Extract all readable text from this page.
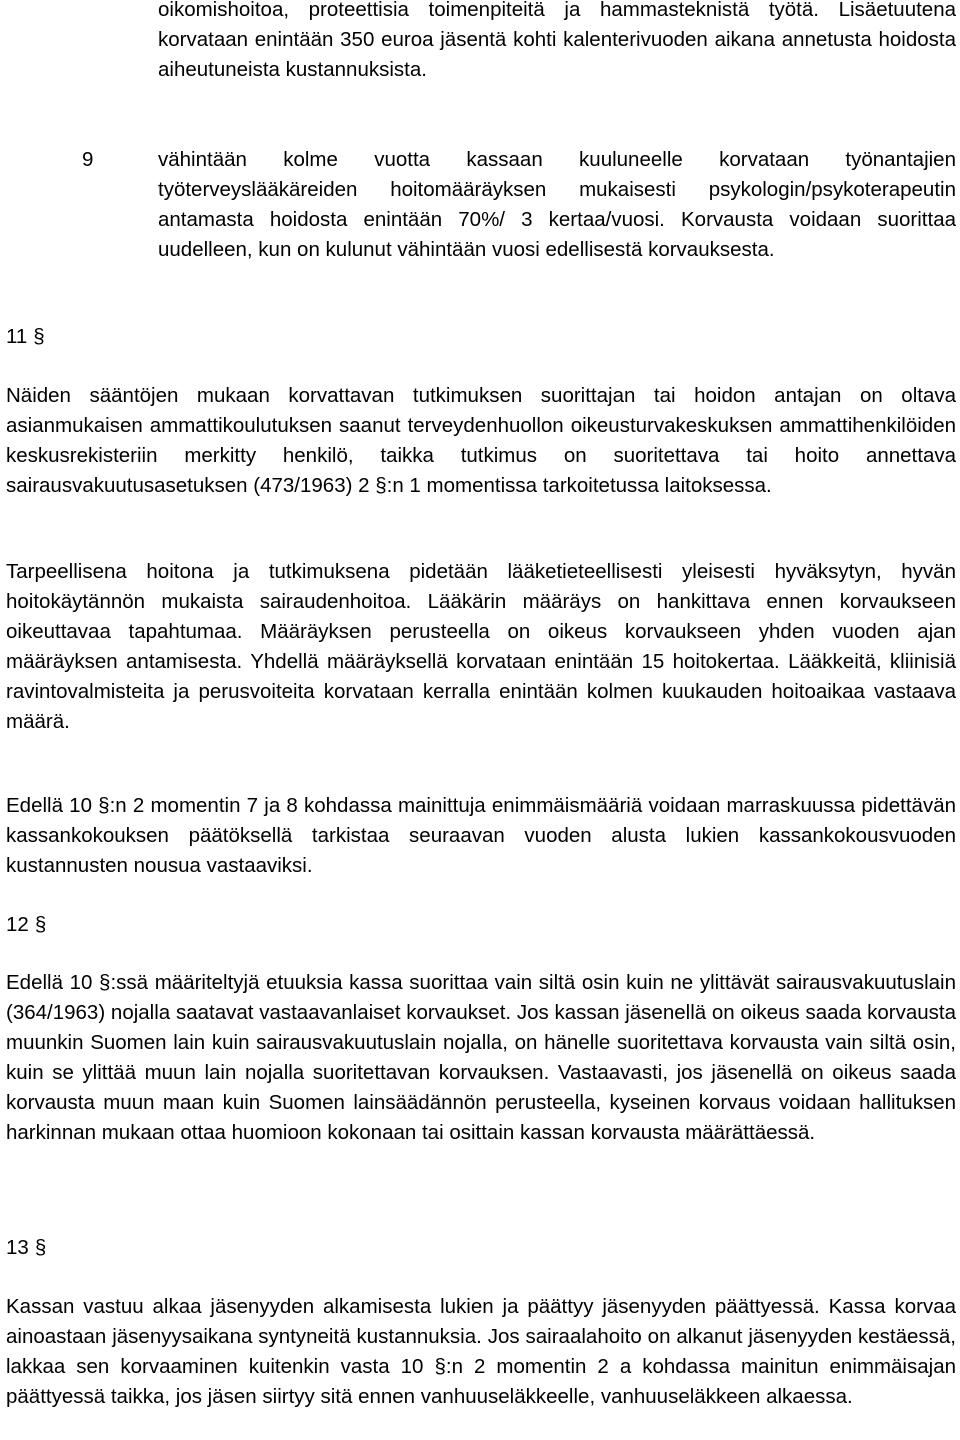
oikomishoitoa, proteettisia toimenpiteitä ja hammasteknistä työtä. Lisäetuutena korvataan enintään 350 euroa jäsentä kohti kalenterivuoden aikana annetusta hoidosta aiheutuneista kustannuksista.

9	vähintään kolme vuotta kassaan kuuluneelle korvataan työnantajien työterveyslääkäreiden hoitomääräyksen mukaisesti psykologin/psykoterapeutin antamasta hoidosta enintään 70%/ 3 kertaa/vuosi. Korvausta voidaan suorittaa uudelleen, kun on kulunut vähintään vuosi edellisestä korvauksesta.

11 §

Näiden sääntöjen mukaan korvattavan tutkimuksen suorittajan tai hoidon antajan on oltava asianmukaisen ammattikoulutuksen saanut terveydenhuollon oikeusturvakeskuksen ammattihenkilöiden keskusrekisteriin merkitty henkilö, taikka tutkimus on suoritettava tai hoito annettava sairausvakuutusasetuksen (473/1963) 2 §:n 1 momentissa tarkoitetussa laitoksessa.

Tarpeellisena hoitona ja tutkimuksena pidetään lääketieteellisesti yleisesti hyväksytyn, hyvän hoitokäytännön mukaista sairaudenhoitoa. Lääkärin määräys on hankittava ennen korvaukseen oikeuttavaa tapahtumaa. Määräyksen perusteella on oikeus korvaukseen yhden vuoden ajan määräyksen antamisesta. Yhdellä määräyksellä korvataan enintään 15 hoitokertaa. Lääkkeitä, kliinisiä ravintovalmisteita ja perusvoiteita korvataan kerralla enintään kolmen kuukauden hoitoaikaa vastaava määrä.

Edellä 10 §:n 2 momentin 7 ja 8 kohdassa mainittuja enimmäismääriä voidaan marraskuussa pidettävän kassankokouksen päätöksellä tarkistaa seuraavan vuoden alusta lukien kassankokousvuoden kustannusten nousua vastaaviksi.

12 §

Edellä 10 §:ssä määriteltyjä etuuksia kassa suorittaa vain siltä osin kuin ne ylittävät sairausvakuutuslain (364/1963) nojalla saatavat vastaavanlaiset korvaukset. Jos kassan jäsenellä on oikeus saada korvausta muunkin Suomen lain kuin sairausvakuutuslain nojalla, on hänelle suoritettava korvausta vain siltä osin, kuin se ylittää muun lain nojalla suoritettavan korvauksen. Vastaavasti, jos jäsenellä on oikeus saada korvausta muun maan kuin Suomen lainsäädännön perusteella, kyseinen korvaus voidaan hallituksen harkinnan mukaan ottaa huomioon kokonaan tai osittain kassan korvausta määrättäessä.

13 §

Kassan vastuu alkaa jäsenyyden alkamisesta lukien ja päättyy jäsenyyden päättyessä. Kassa korvaa ainoastaan jäsenyysaikana syntyneitä kustannuksia. Jos sairaalahoito on alkanut jäsenyyden kestäessä, lakkaa sen korvaaminen kuitenkin vasta 10 §:n 2 momentin 2 a kohdassa mainitun enimmäisajan päättyessä taikka, jos jäsen siirtyy sitä ennen vanhuuseläkkeelle, vanhuuseläkkeen alkaessa.
